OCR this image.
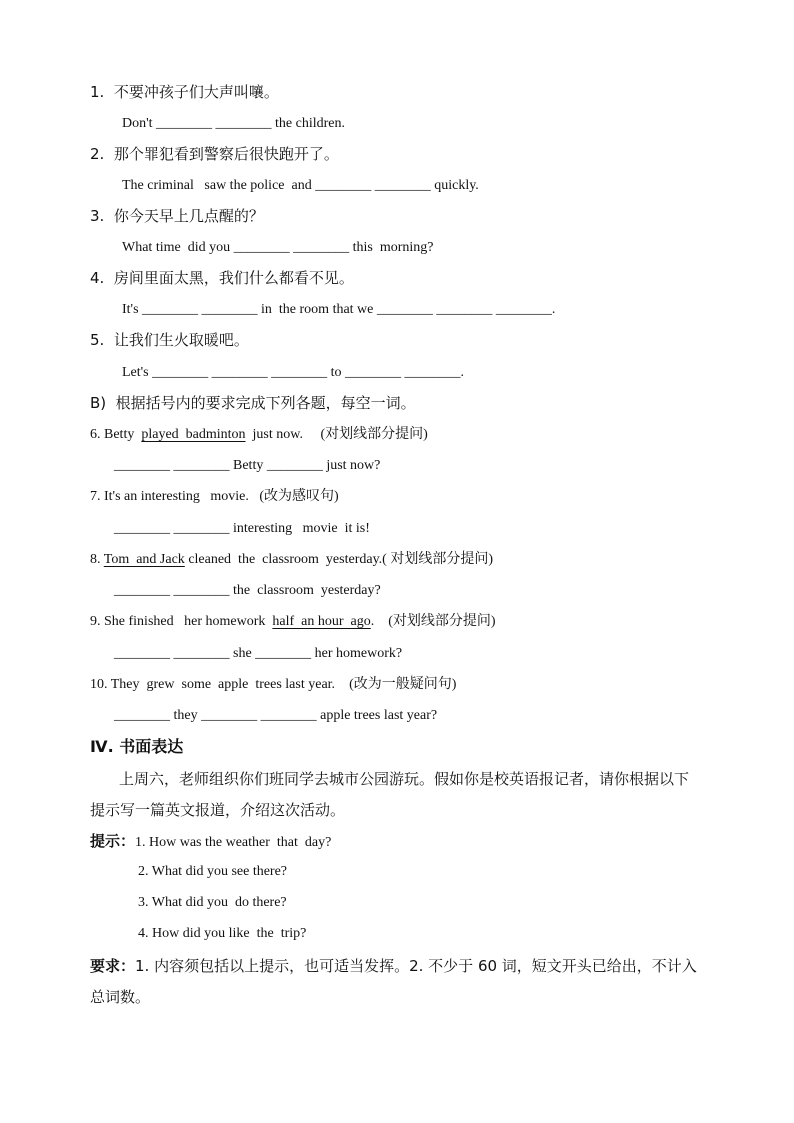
1.  不要冲孩子们大声叫嚷。
Don't ________ ________ the children.
2.  那个罪犯看到警察后很快跑开了。
The criminal   saw the police  and ________ ________ quickly.
3.  你今天早上几点醒的？
What time  did you ________ ________ this  morning?
4.  房间里面太黑，我们什么都看不见。
It's ________ ________ in  the room that we ________ ________ ________.
5.  让我们生火取暖吧。
Let's ________ ________ ________ to ________ ________.
B)  根据括号内的要求完成下列各题，每空一词。
6. Betty  played  badminton  just now.     (对划线部分提问)
________ ________ Betty ________ just now?
7. It's an interesting   movie.   (改为感叹句)
________ ________ interesting   movie  it is!
8. Tom  and Jack cleaned  the  classroom  yesterday.( 对划线部分提问)
________ ________ the  classroom  yesterday?
9. She finished   her homework  half  an hour  ago.    (对划线部分提问)
________ ________ she ________ her homework?
10. They  grew  some  apple  trees last year.    (改为一般疑问句)
________ they ________ ________ apple trees last year?
Ⅳ. 书面表达
上周六，老师组织你们班同学去城市公园游玩。假如你是校英语报记者，请你根据以下提示写一篇英文报道，介绍这次活动。
提示：1. How was the weather  that  day?
2. What did you see there?
3. What did you  do there?
4. How did you like  the  trip?
要求：1. 内容须包括以上提示，也可适当发挥。2. 不少于 60 词，短文开头已给出，不计入总词数。
